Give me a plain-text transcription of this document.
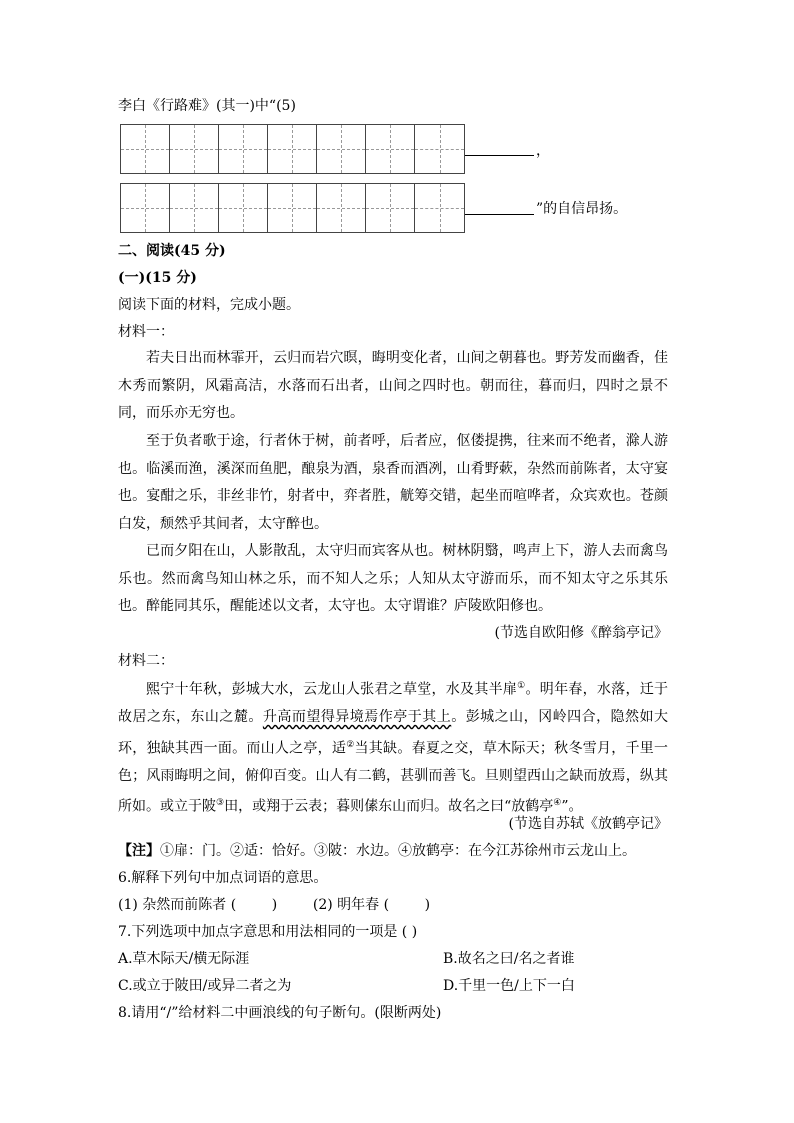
李白《行路难》(其一)中“(5)
，
”的自信昂扬。
二、阅读(45 分)
(一)(15 分)
阅读下面的材料，完成小题。
材料一：
若夫日出而林霏开，云归而岩穴暝，晦明变化者，山间之朝暮也。野芳发而幽香，佳木秀而繁阴，风霜高洁，水落而石出者，山间之四时也。朝而往，暮而归，四时之景不同，而乐亦无穷也。
至于负者歌于途，行者休于树，前者呼，后者应，伛偻提携，往来而不绝者，滁人游也。临溪而渔，溪深而鱼肥，酿泉为酒，泉香而酒冽，山肴野蔌，杂然而前陈者，太守宴也。宴酣之乐，非丝非竹，射者中，弈者胜，觥筹交错，起坐而喧哗者，众宾欢也。苍颜白发，颓然乎其间者，太守醉也。
已而夕阳在山，人影散乱，太守归而宾客从也。树林阴翳，鸣声上下，游人去而禽鸟乐也。然而禽鸟知山林之乐，而不知人之乐；人知从太守游而乐，而不知太守之乐其乐也。醉能同其乐，醒能述以文者，太守也。太守谓谁？庐陵欧阳修也。
(节选自欧阳修《醉翁亭记》
材料二：
熙宁十年秋，彭城大水，云龙山人张君之草堂，水及其半扉①。明年春，水落，迁于故居之东，东山之麓。升高而望得异境焉作亭于其上。彭城之山，冈岭四合，隐然如大环，独缺其西一面。而山人之亭，适②当其缺。春夏之交，草木际天；秋冬雪月，千里一色；风雨晦明之间，俯仰百变。山人有二鹤，甚驯而善飞。旦则望西山之缺而放焉，纵其所如。或立于陂③田，或翔于云表；暮则傃东山而归。故名之曰“放鹤亭④”。
(节选自苏轼《放鹤亭记》
【注】①扉：门。②适：恰好。③陂：水边。④放鹤亭：在今江苏徐州市云龙山上。
6.解释下列句中加点词语的意思。
(1) 杂然而前陈者 (        )        (2) 明年春 (        )
7.下列选项中加点字意思和用法相同的一项是 ( )
A.草木际天/横无际涯	B.故名之曰/名之者谁
C.或立于陂田/或异二者之为	D.千里一色/上下一白
8.请用“/”给材料二中画浪线的句子断句。(限断两处)
